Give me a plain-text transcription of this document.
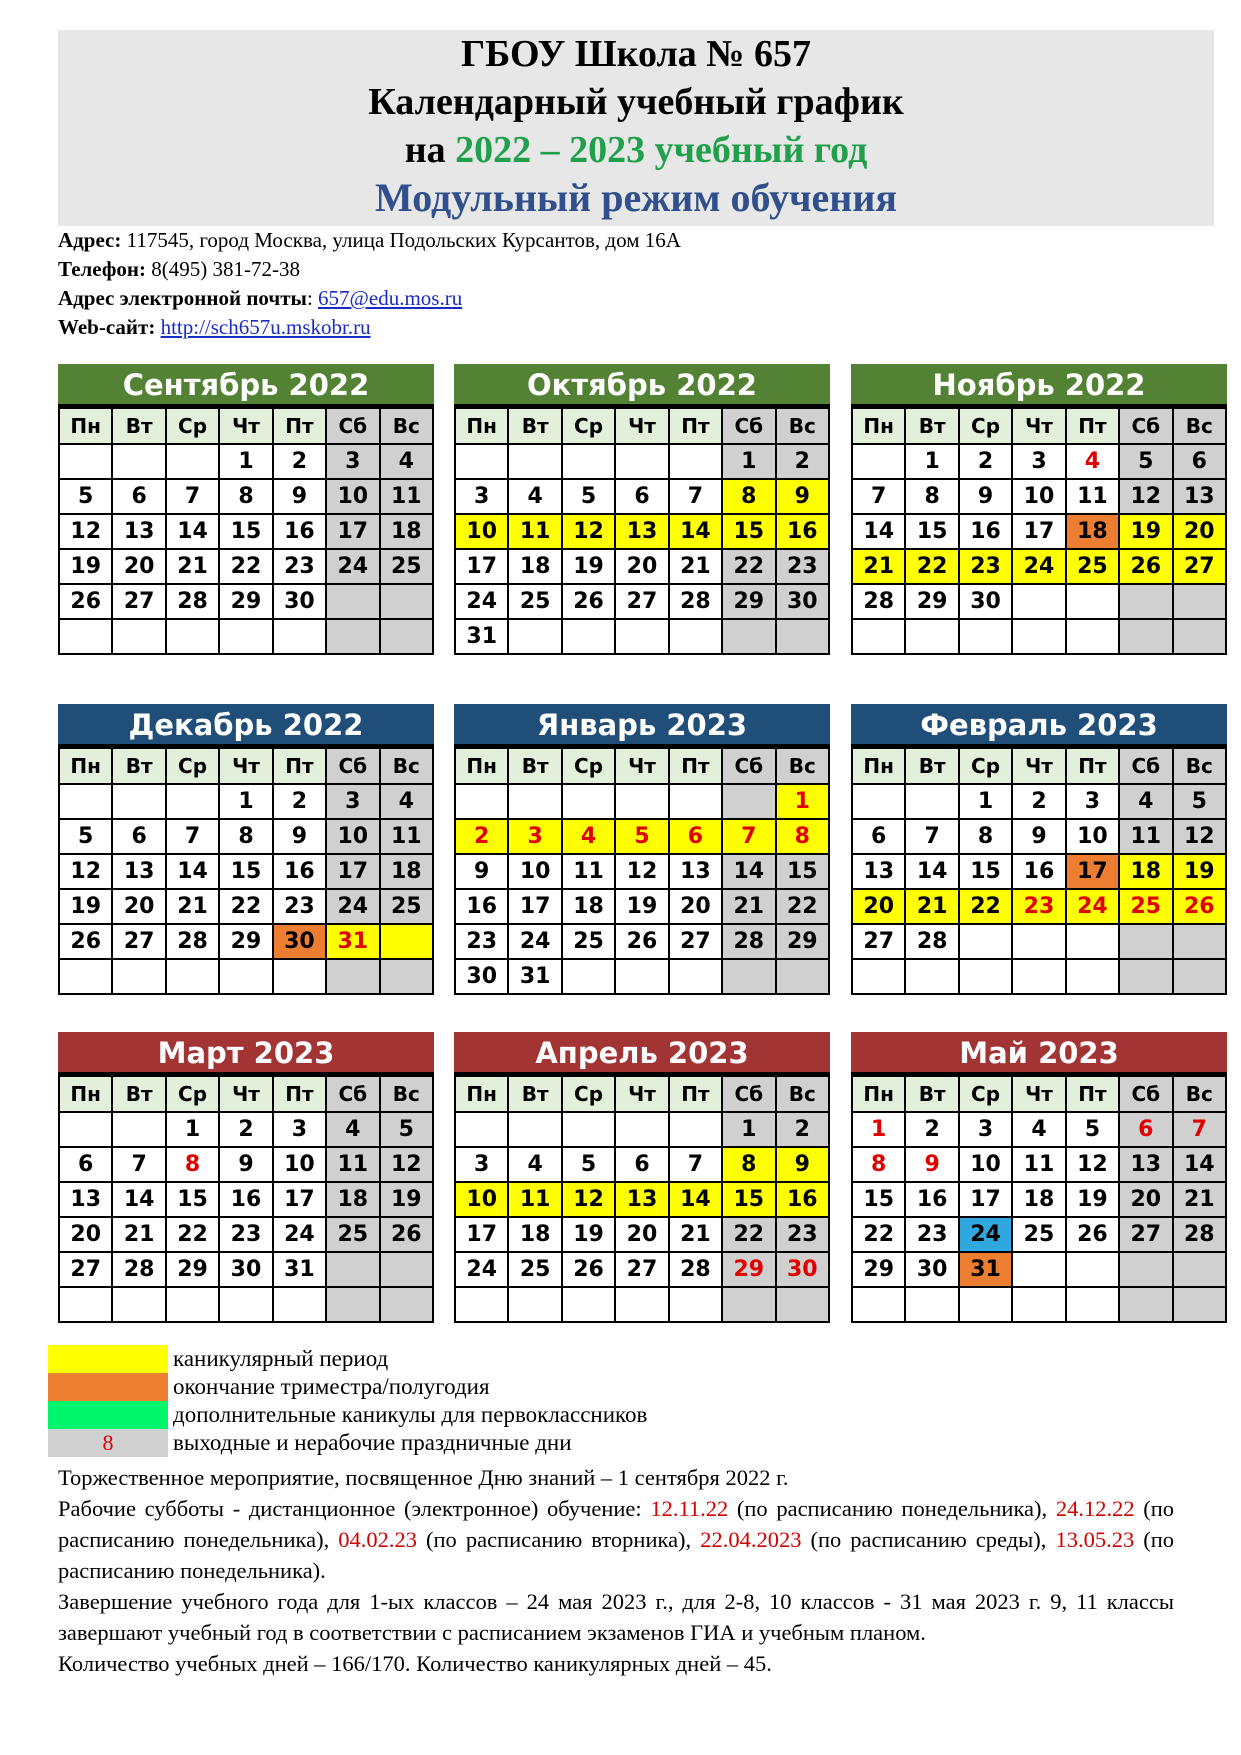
ГБОУ Школа № 657
Календарный учебный график
на 2022 – 2023 учебный год
Модульный режим обучения
Адрес: 117545, город Москва, улица Подольских Курсантов, дом 16А
Телефон: 8(495) 381-72-38
Адрес электронной почты: 657@edu.mos.ru
Web-сайт: http://sch657u.mskobr.ru
Сентябрь 2022
Пн	Вт	Ср	Чт	Пт	Сб	Вс
			1	2	3	4
5	6	7	8	9	10	11
12	13	14	15	16	17	18
19	20	21	22	23	24	25
26	27	28	29	30		

Октябрь 2022
Пн	Вт	Ср	Чт	Пт	Сб	Вс
					1	2
3	4	5	6	7	8	9
10	11	12	13	14	15	16
17	18	19	20	21	22	23
24	25	26	27	28	29	30
31						
Ноябрь 2022
Пн	Вт	Ср	Чт	Пт	Сб	Вс
	1	2	3	4	5	6
7	8	9	10	11	12	13
14	15	16	17	18	19	20
21	22	23	24	25	26	27
28	29	30				

Декабрь 2022
Пн	Вт	Ср	Чт	Пт	Сб	Вс
			1	2	3	4
5	6	7	8	9	10	11
12	13	14	15	16	17	18
19	20	21	22	23	24	25
26	27	28	29	30	31	

Январь 2023
Пн	Вт	Ср	Чт	Пт	Сб	Вс
						1
2	3	4	5	6	7	8
9	10	11	12	13	14	15
16	17	18	19	20	21	22
23	24	25	26	27	28	29
30	31					
Февраль 2023
Пн	Вт	Ср	Чт	Пт	Сб	Вс
		1	2	3	4	5
6	7	8	9	10	11	12
13	14	15	16	17	18	19
20	21	22	23	24	25	26
27	28					

Март 2023
Пн	Вт	Ср	Чт	Пт	Сб	Вс
		1	2	3	4	5
6	7	8	9	10	11	12
13	14	15	16	17	18	19
20	21	22	23	24	25	26
27	28	29	30	31		

Апрель 2023
Пн	Вт	Ср	Чт	Пт	Сб	Вс
					1	2
3	4	5	6	7	8	9
10	11	12	13	14	15	16
17	18	19	20	21	22	23
24	25	26	27	28	29	30

Май 2023
Пн	Вт	Ср	Чт	Пт	Сб	Вс
1	2	3	4	5	6	7
8	9	10	11	12	13	14
15	16	17	18	19	20	21
22	23	24	25	26	27	28
29	30	31				

каникулярный период
окончание триместра/полугодия
дополнительные каникулы для первоклассников
8	выходные и нерабочие праздничные дни

Торжественное мероприятие, посвященное Дню знаний – 1 сентября 2022 г.

Рабочие субботы - дистанционное (электронное) обучение: 12.11.22 (по расписанию понедельника), 24.12.22 (по расписанию понедельника), 04.02.23 (по расписанию вторника), 22.04.2023 (по расписанию среды), 13.05.23 (по расписанию понедельника).

Завершение учебного года для 1-ых классов – 24 мая 2023 г., для 2-8, 10 классов - 31 мая 2023 г. 9, 11 классы завершают учебный год в соответствии с расписанием экзаменов ГИА и учебным планом.

Количество учебных дней – 166/170. Количество каникулярных дней – 45.
